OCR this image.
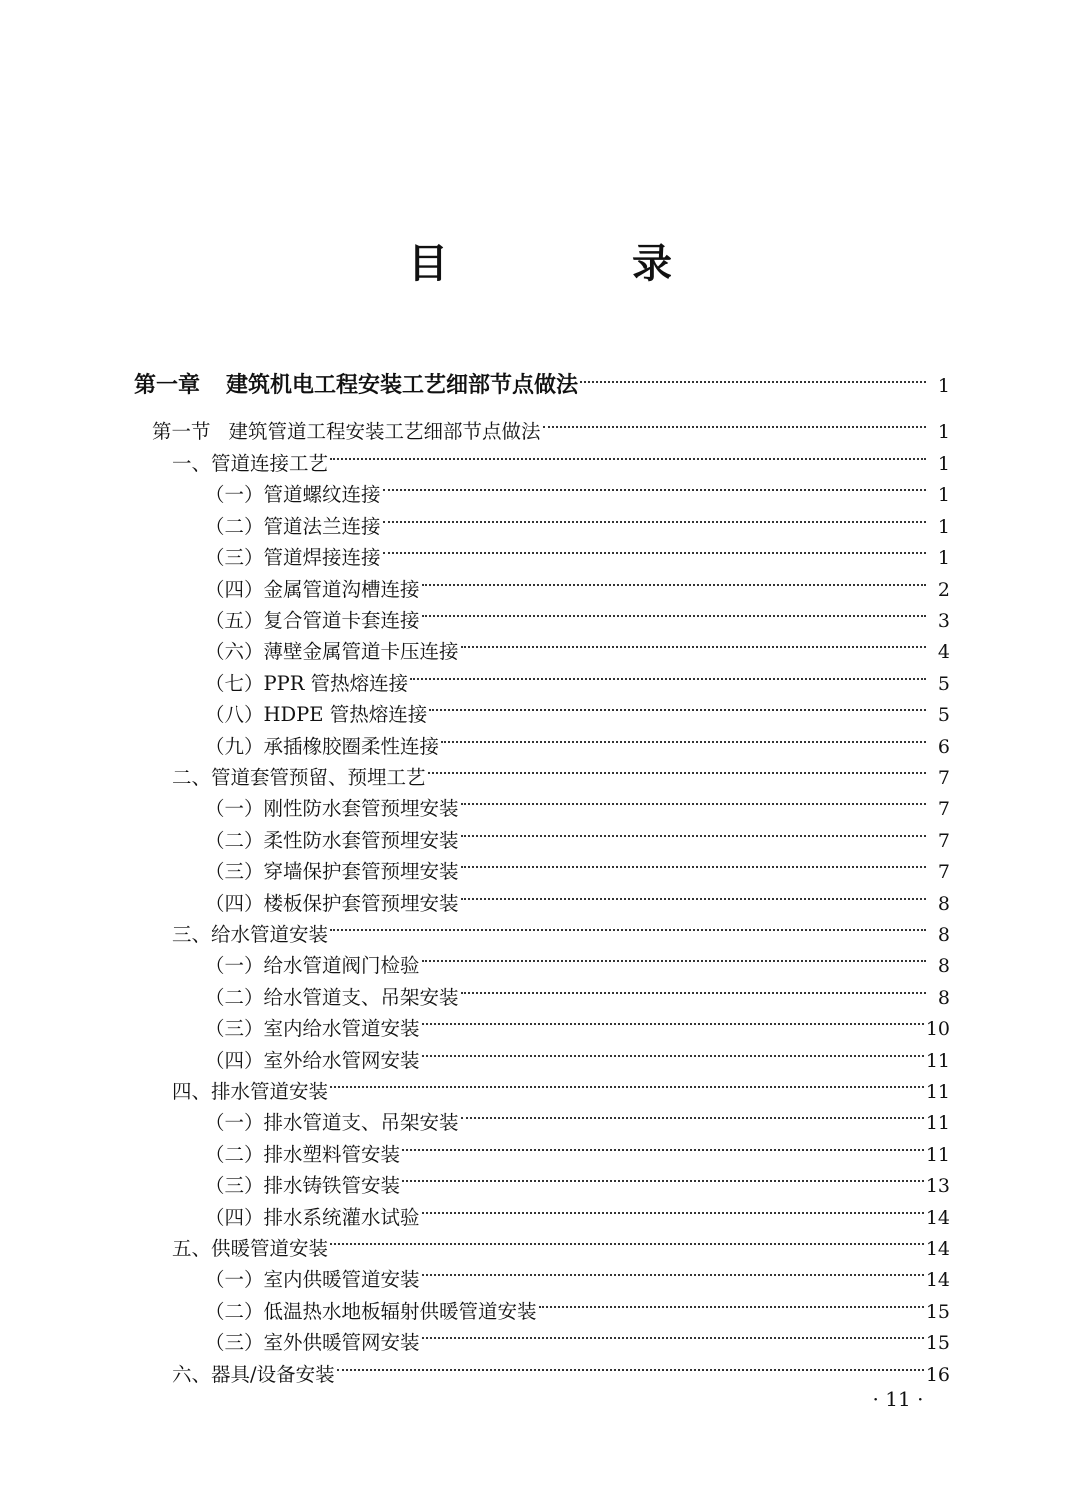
目　录
第一章 建筑机电工程安装工艺细部节点做法	1
第一节 建筑管道工程安装工艺细部节点做法	1
一、管道连接工艺	1
（一）管道螺纹连接	1
（二）管道法兰连接	1
（三）管道焊接连接	1
（四）金属管道沟槽连接	2
（五）复合管道卡套连接	3
（六）薄壁金属管道卡压连接	4
（七）PPR 管热熔连接	5
（八）HDPE 管热熔连接	5
（九）承插橡胶圈柔性连接	6
二、管道套管预留、预埋工艺	7
（一）刚性防水套管预埋安装	7
（二）柔性防水套管预埋安装	7
（三）穿墙保护套管预埋安装	7
（四）楼板保护套管预埋安装	8
三、给水管道安装	8
（一）给水管道阀门检验	8
（二）给水管道支、吊架安装	8
（三）室内给水管道安装	10
（四）室外给水管网安装	11
四、排水管道安装	11
（一）排水管道支、吊架安装	11
（二）排水塑料管安装	11
（三）排水铸铁管安装	13
（四）排水系统灌水试验	14
五、供暖管道安装	14
（一）室内供暖管道安装	14
（二）低温热水地板辐射供暖管道安装	15
（三）室外供暖管网安装	15
六、器具/设备安装	16
· 11 ·
